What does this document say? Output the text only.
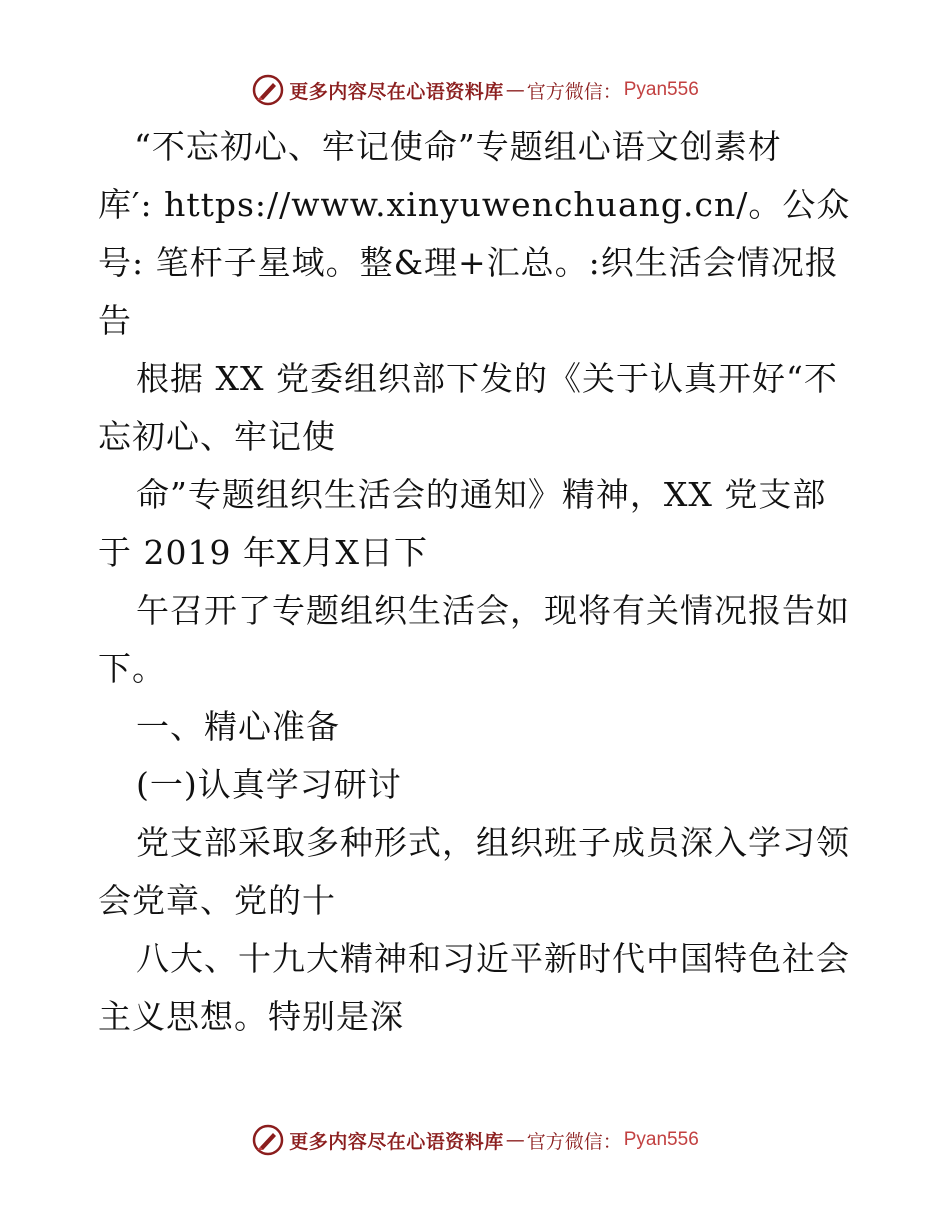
更多内容尽在心语资料库 — 官方微信： Pyan556
“不忘初心、牢记使命”专题组心语文创素材
库′: https://www.xinyuwenchuang.cn/。公众
号: 笔杆子星域。整&理+汇总。:织生活会情况报
告
根据 XX 党委组织部下发的《关于认真开好“不
忘初心、牢记使
命”专题组织生活会的通知》精神，XX 党支部
于 2019 年X月X日下
午召开了专题组织生活会，现将有关情况报告如
下。
一、精心准备
(一)认真学习研讨
党支部采取多种形式，组织班子成员深入学习领
会党章、党的十
八大、十九大精神和习近平新时代中国特色社会
主义思想。特别是深
更多内容尽在心语资料库 — 官方微信： Pyan556
